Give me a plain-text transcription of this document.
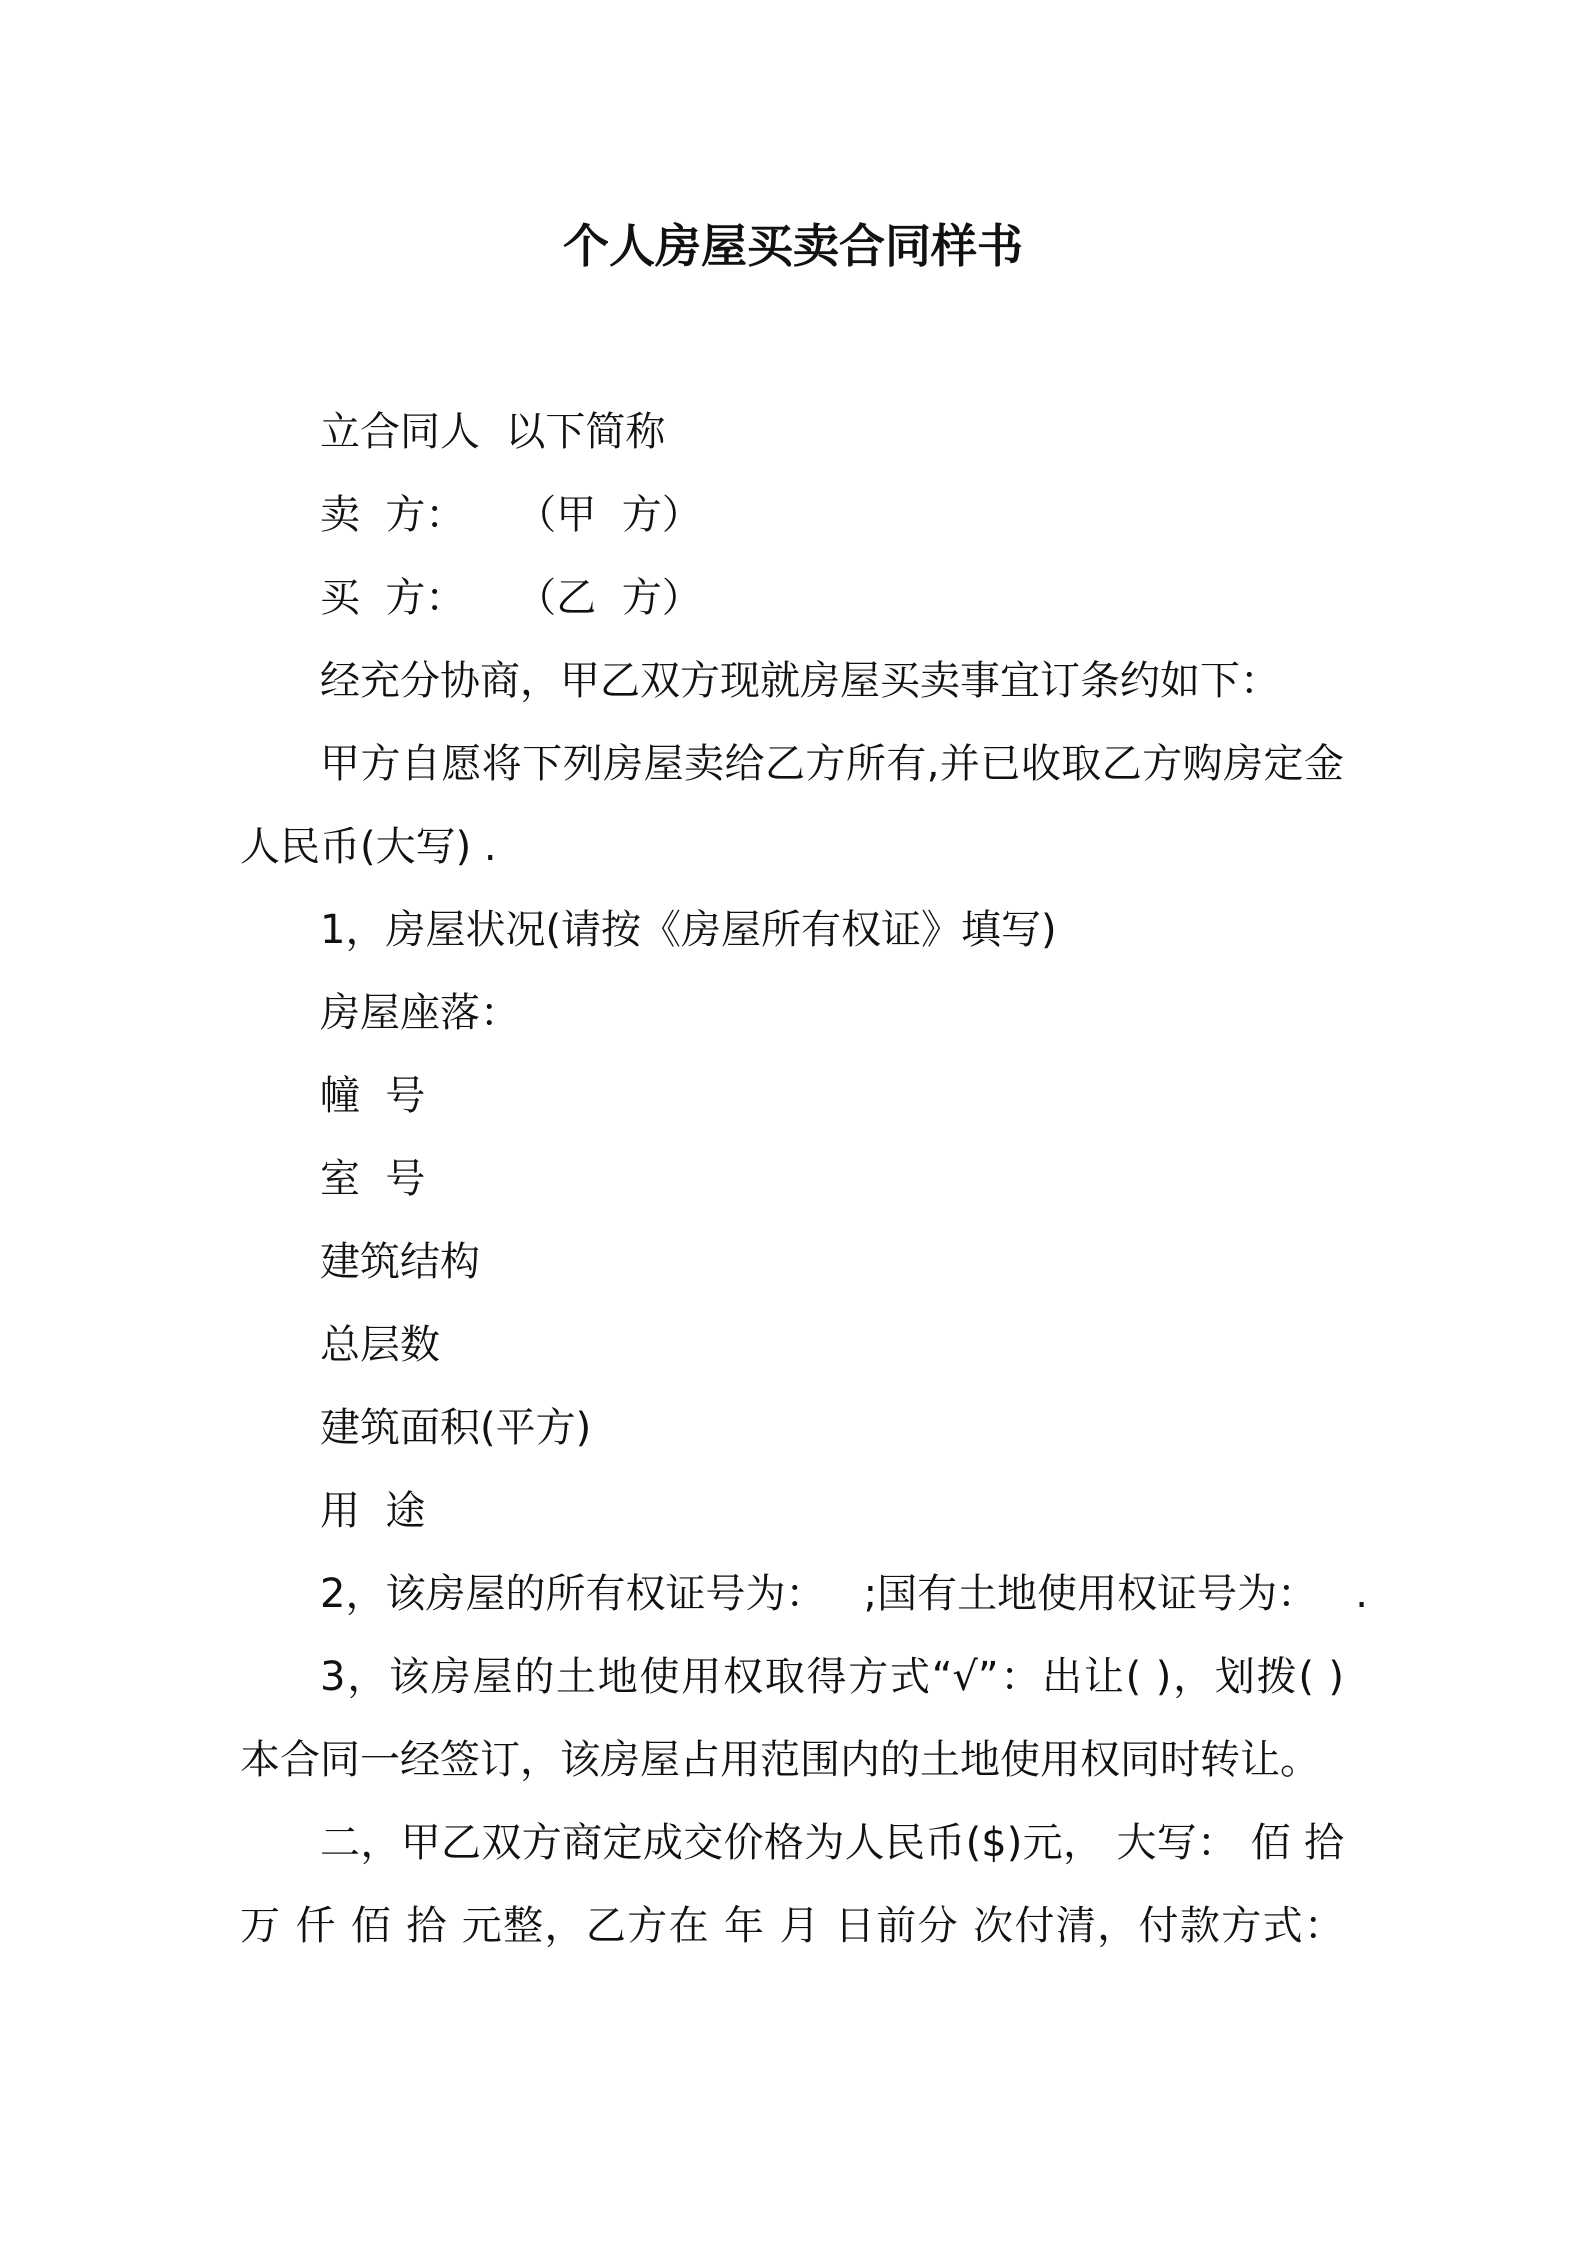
个人房屋买卖合同样书
立合同人  以下简称
卖  方：    （甲  方）
买  方：    （乙  方）
经充分协商，甲乙双方现就房屋买卖事宜订条约如下：
甲方自愿将下列房屋卖给乙方所有,并已收取乙方购房定金
人民币(大写) .
1，房屋状况(请按《房屋所有权证》填写)
房屋座落：
幢  号
室  号
建筑结构
总层数
建筑面积(平方)
用  途
2，该房屋的所有权证号为：   ;国有土地使用权证号为：   .
3，该房屋的土地使用权取得方式“√”：出让( )，划拨( )
本合同一经签订，该房屋占用范围内的土地使用权同时转让。
二，甲乙双方商定成交价格为人民币($)元， 大写： 佰 拾
万 仟 佰 拾 元整，乙方在 年 月 日前分 次付清，付款方式：
